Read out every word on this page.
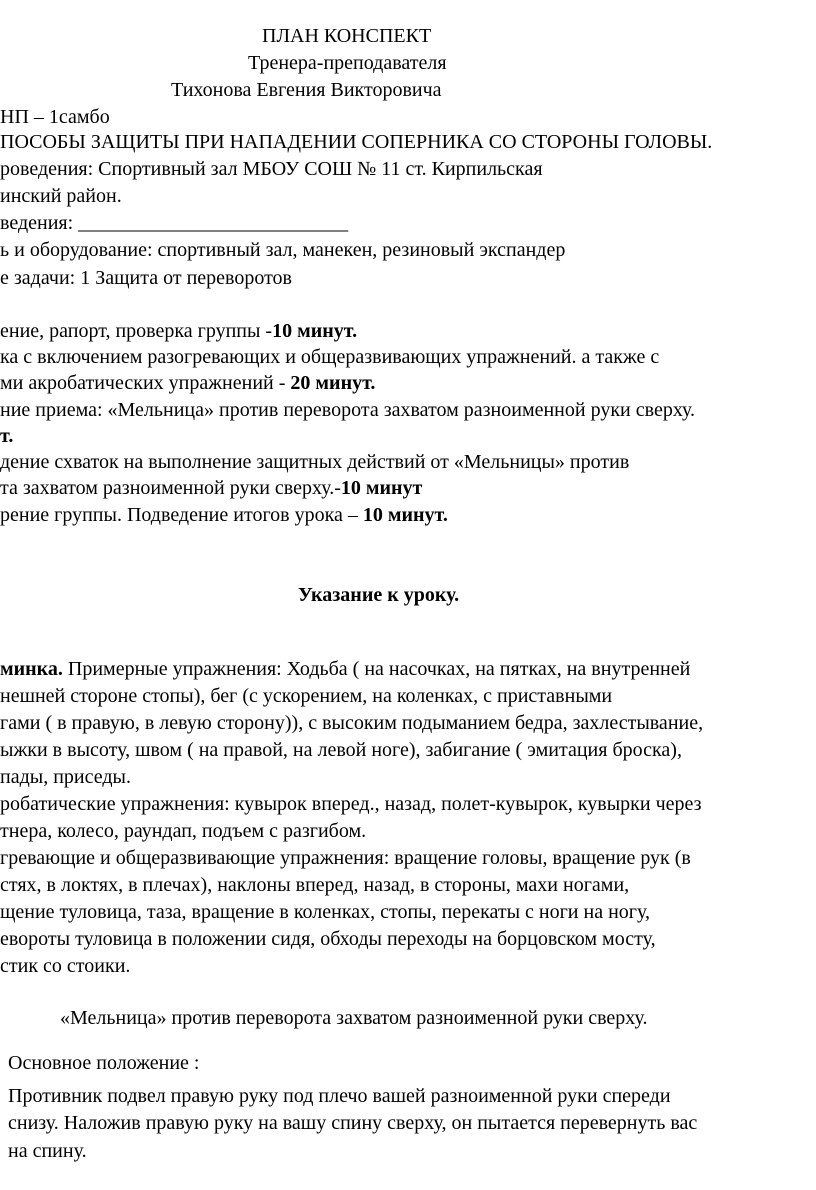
ПЛАН КОНСПЕКТ
Тренера-преподавателя
Тихонова Евгения Викторовича
НП – 1самбо
ПОСОБЫ ЗАЩИТЫ ПРИ НАПАДЕНИИ СОПЕРНИКА СО СТОРОНЫ ГОЛОВЫ.
роведения: Спортивный зал МБОУ СОШ № 11 ст. Кирпильская
инский район.
ведения: ___________________________
ь и оборудование: спортивный зал, манекен, резиновый экспандер
е задачи: 1 Защита от переворотов
ение, рапорт, проверка группы -10 минут.
ка с включением разогревающих и общеразвивающих упражнений. а также с
ми акробатических упражнений - 20 минут.
ние приема: «Мельница» против переворота захватом разноименной руки сверху.
т.
дение схваток на выполнение защитных действий от «Мельницы» против
та захватом разноименной руки сверху.-10 минут
рение группы. Подведение итогов урока – 10 минут.
Указание к уроку.
минка. Примерные упражнения: Ходьба ( на насочках, на пятках, на внутренней
нешней стороне стопы), бег (с ускорением, на коленках, с приставными
гами ( в правую, в левую сторону)), с высоким подыманием бедра, захлестывание,
ыжки в высоту, швом ( на правой, на левой ноге), забигание ( эмитация броска),
пады, приседы.
робатические упражнения: кувырок вперед., назад, полет-кувырок, кувырки через
тнера, колесо, раундап, подъем с разгибом.
гревающие и общеразвивающие упражнения: вращение головы, вращение рук (в
стях, в локтях, в плечах), наклоны вперед, назад, в стороны, махи ногами,
щение туловица, таза, вращение в коленках, стопы, перекаты с ноги на ногу,
евороты туловица в положении сидя, обходы переходы на борцовском мосту,
стик со стоики.
«Мельница» против переворота захватом разноименной руки сверху.
Основное положение :
Противник подвел правую руку под плечо вашей разноименной руки спереди
снизу. Наложив правую руку на вашу спину сверху, он пытается перевернуть вас
на спину.
